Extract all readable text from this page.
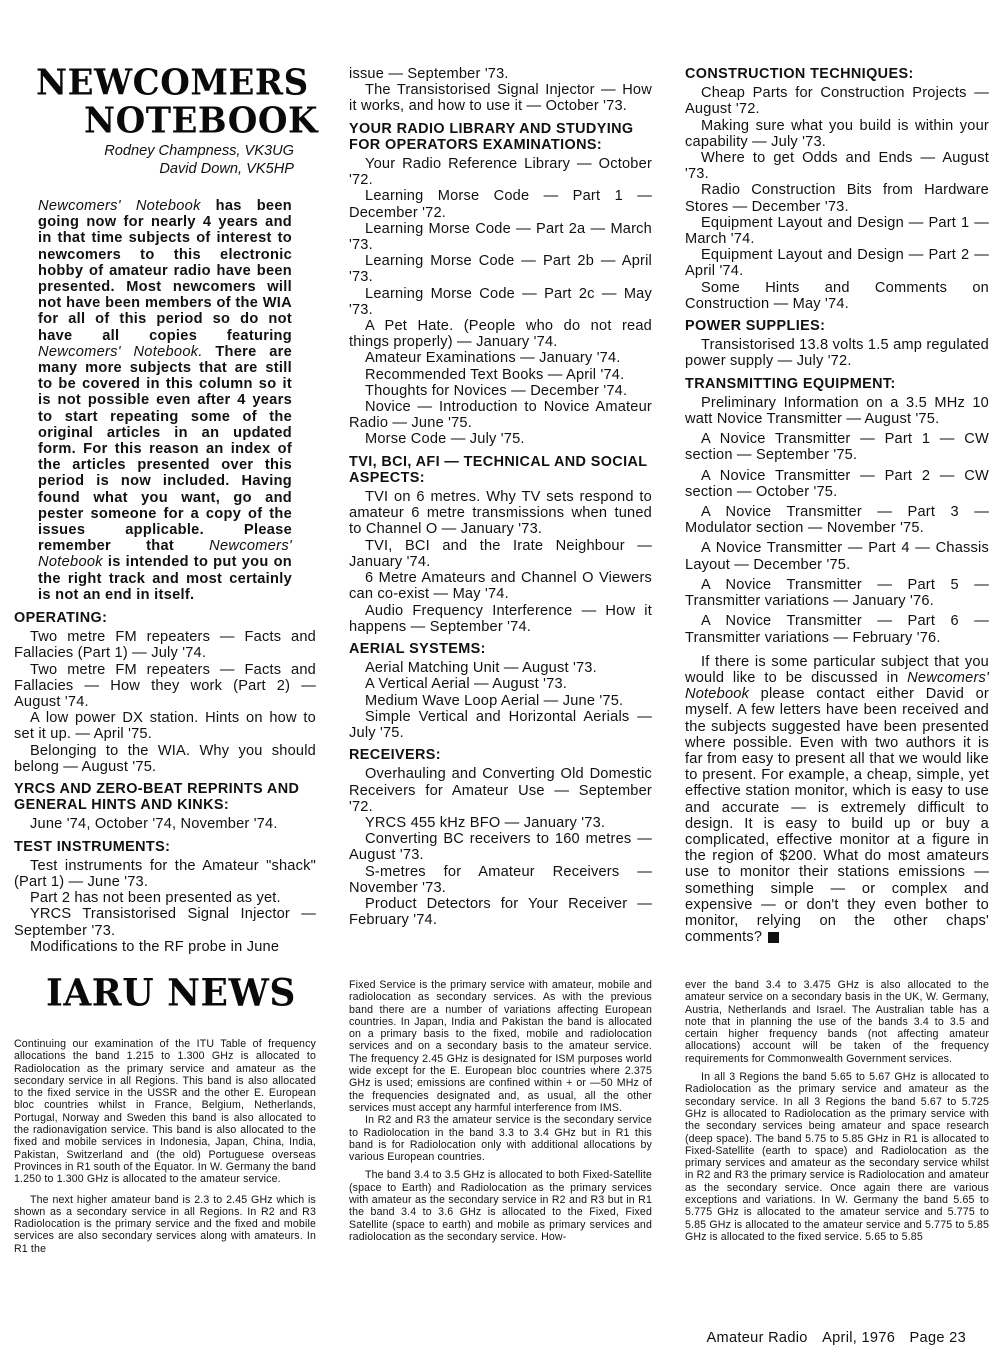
NEWCOMERS
NOTEBOOK
Rodney Champness, VK3UG
David Down, VK5HP

Newcomers' Notebook has been going now for nearly 4 years and in that time subjects of interest to newcomers to this electronic hobby of amateur radio have been presented. Most newcomers will not have been members of the WIA for all of this period so do not have all copies featuring Newcomers' Notebook. There are many more subjects that are still to be covered in this column so it is not possible even after 4 years to start repeating some of the original articles in an updated form. For this reason an index of the articles presented over this period is now included. Having found what you want, go and pester someone for a copy of the issues applicable. Please remember that Newcomers' Notebook is intended to put you on the right track and most certainly is not an end in itself.

OPERATING:

Two metre FM repeaters — Facts and Fallacies (Part 1) — July '74.

Two metre FM repeaters — Facts and Fallacies — How they work (Part 2) — August '74.

A low power DX station. Hints on how to set it up. — April '75.

Belonging to the WIA. Why you should belong — August '75.

YRCS AND ZERO-BEAT REPRINTS AND GENERAL HINTS AND KINKS:

June '74, October '74, November '74.

TEST INSTRUMENTS:

Test instruments for the Amateur "shack" (Part 1) — June '73.

Part 2 has not been presented as yet.

YRCS Transistorised Signal Injector — September '73.

Modifications to the RF probe in June

issue — September '73.

The Transistorised Signal Injector — How it works, and how to use it — October '73.

YOUR RADIO LIBRARY AND STUDYING FOR OPERATORS EXAMINATIONS:

Your Radio Reference Library — October '72.

Learning Morse Code — Part 1 — December '72.

Learning Morse Code — Part 2a — March '73.

Learning Morse Code — Part 2b — April '73.

Learning Morse Code — Part 2c — May '73.

A Pet Hate. (People who do not read things properly) — January '74.

Amateur Examinations — January '74.

Recommended Text Books — April '74.

Thoughts for Novices — December '74.

Novice — Introduction to Novice Amateur Radio — June '75.

Morse Code — July '75.

TVI, BCI, AFI — TECHNICAL AND SOCIAL ASPECTS:

TVI on 6 metres. Why TV sets respond to amateur 6 metre transmissions when tuned to Channel O — January '73.

TVI, BCI and the Irate Neighbour — January '74.

6 Metre Amateurs and Channel O Viewers can co-exist — May '74.

Audio Frequency Interference — How it happens — September '74.

AERIAL SYSTEMS:

Aerial Matching Unit — August '73.

A Vertical Aerial — August '73.

Medium Wave Loop Aerial — June '75.

Simple Vertical and Horizontal Aerials — July '75.

RECEIVERS:

Overhauling and Converting Old Domestic Receivers for Amateur Use — September '72.

YRCS 455 kHz BFO — January '73.

Converting BC receivers to 160 metres — August '73.

S-metres for Amateur Receivers — November '73.

Product Detectors for Your Receiver — February '74.

CONSTRUCTION TECHNIQUES:

Cheap Parts for Construction Projects — August '72.

Making sure what you build is within your capability — July '73.

Where to get Odds and Ends — August '73.

Radio Construction Bits from Hardware Stores — December '73.

Equipment Layout and Design — Part 1 — March '74.

Equipment Layout and Design — Part 2 — April '74.

Some Hints and Comments on Construction — May '74.

POWER SUPPLIES:

Transistorised 13.8 volts 1.5 amp regulated power supply — July '72.

TRANSMITTING EQUIPMENT:

Preliminary Information on a 3.5 MHz 10 watt Novice Transmitter — August '75.

A Novice Transmitter — Part 1 — CW section — September '75.

A Novice Transmitter — Part 2 — CW section — October '75.

A Novice Transmitter — Part 3 — Modulator section — November '75.

A Novice Transmitter — Part 4 — Chassis Layout — December '75.

A Novice Transmitter — Part 5 — Transmitter variations — January '76.

A Novice Transmitter — Part 6 — Transmitter variations — February '76.

If there is some particular subject that you would like to be discussed in Newcomers' Notebook please contact either David or myself. A few letters have been received and the subjects suggested have been presented where possible. Even with two authors it is far from easy to present all that we would like to present. For example, a cheap, simple, yet effective station monitor, which is easy to use and accurate — is extremely difficult to design. It is easy to build up or buy a complicated, effective monitor at a figure in the region of $200. What do most amateurs use to monitor their stations emissions — something simple — or complex and expensive — or don't they even bother to monitor, relying on the other chaps' comments?

IARU NEWS

Continuing our examination of the ITU Table of frequency allocations the band 1.215 to 1.300 GHz is allocated to Radiolocation as the primary service and amateur as the secondary service in all Regions. This band is also allocated to the fixed service in the USSR and the other E. European bloc countries whilst in France, Belgium, Netherlands, Portugal, Norway and Sweden this band is also allocated to the radionavigation service. This band is also allocated to the fixed and mobile services in Indonesia, Japan, China, India, Pakistan, Switzerland and (the old) Portuguese overseas Provinces in R1 south of the Equator. In W. Germany the band 1.250 to 1.300 GHz is allocated to the amateur service.

The next higher amateur band is 2.3 to 2.45 GHz which is shown as a secondary service in all Regions. In R2 and R3 Radiolocation is the primary service and the fixed and mobile services are also secondary services along with amateurs. In R1 the

Fixed Service is the primary service with amateur, mobile and radiolocation as secondary services. As with the previous band there are a number of variations affecting European countries. In Japan, India and Pakistan the band is allocated on a primary basis to the fixed, mobile and radiolocation services and on a secondary basis to the amateur service. The frequency 2.45 GHz is designated for ISM purposes world wide except for the E. European bloc countries where 2.375 GHz is used; emissions are confined within + or —50 MHz of the frequencies designated and, as usual, all the other services must accept any harmful interference from IMS.

In R2 and R3 the amateur service is the secondary service to Radiolocation in the band 3.3 to 3.4 GHz but in R1 this band is for Radiolocation only with additional allocations by various European countries.

The band 3.4 to 3.5 GHz is allocated to both Fixed-Satellite (space to Earth) and Radiolocation as the primary services with amateur as the secondary service in R2 and R3 but in R1 the band 3.4 to 3.6 GHz is allocated to the Fixed, Fixed Satellite (space to earth) and mobile as primary services and radiolocation as the secondary service. How-

ever the band 3.4 to 3.475 GHz is also allocated to the amateur service on a secondary basis in the UK, W. Germany, Austria, Netherlands and Israel. The Australian table has a note that in planning the use of the bands 3.4 to 3.5 and certain higher frequency bands (not affecting amateur allocations) account will be taken of the frequency requirements for Commonwealth Government services.

In all 3 Regions the band 5.65 to 5.67 GHz is allocated to Radiolocation as the primary service and amateur as the secondary service. In all 3 Regions the band 5.67 to 5.725 GHz is allocated to Radiolocation as the primary service with the secondary services being amateur and space research (deep space). The band 5.75 to 5.85 GHz in R1 is allocated to Fixed-Satellite (earth to space) and Radiolocation as the primary services and amateur as the secondary service whilst in R2 and R3 the primary service is Radiolocation and amateur as the secondary service. Once again there are various exceptions and variations. In W. Germany the band 5.65 to 5.775 GHz is allocated to the amateur service and 5.775 to 5.85 GHz is allocated to the amateur service and 5.775 to 5.85 GHz is allocated to the fixed service. 5.65 to 5.85

Amateur Radio April, 1976 Page 23
